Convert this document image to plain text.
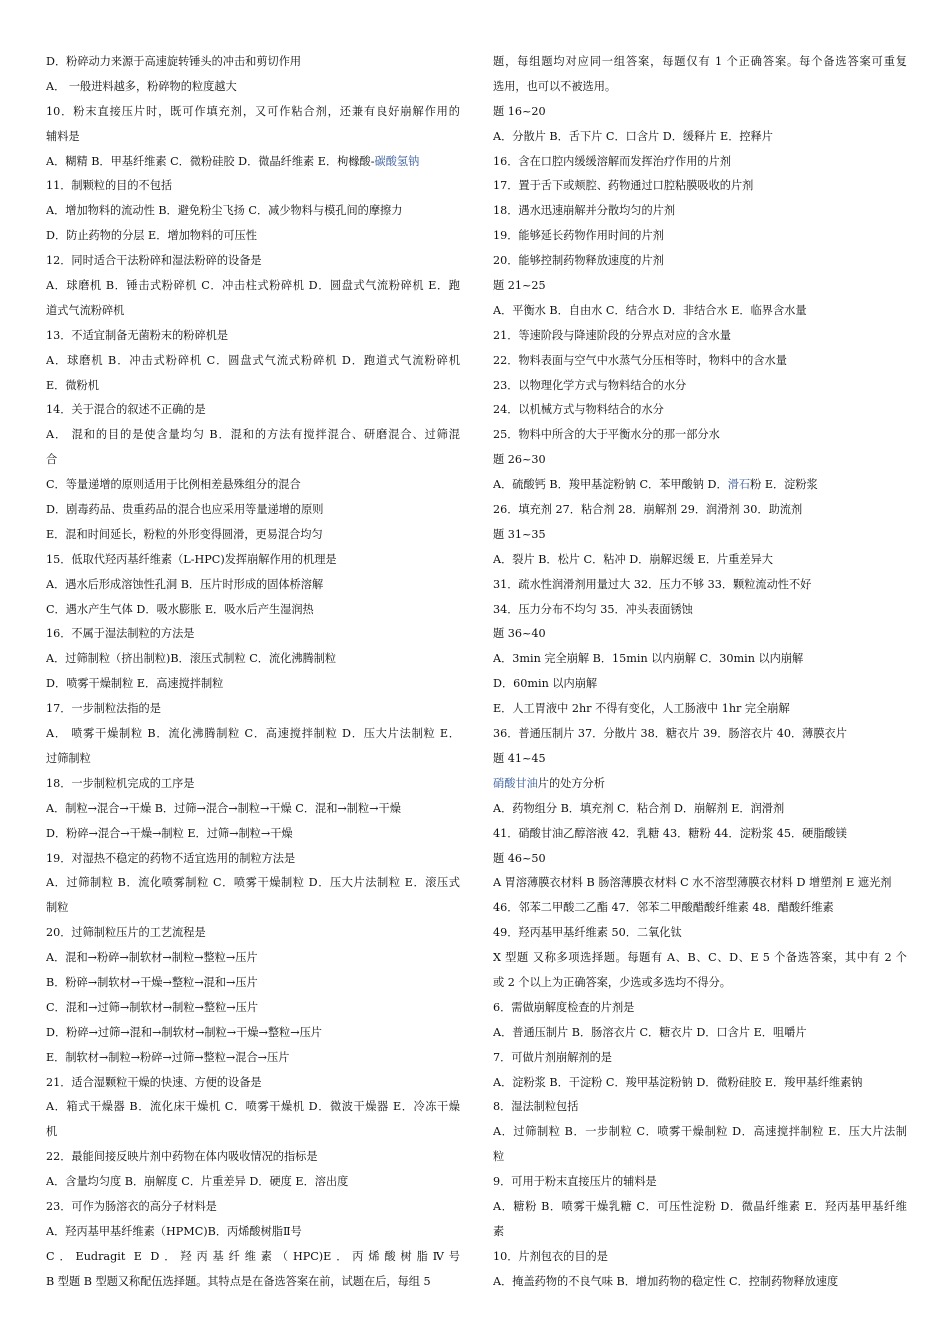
D．粉碎动力来源于高速旋转锤头的冲击和剪切作用
A． 一般进料越多，粉碎物的粒度越大
10．粉末直接压片时，既可作填充剂，又可作粘合剂，还兼有良好崩解作用的
辅料是
A．糊精 B．甲基纤维素 C．微粉硅胶 D．微晶纤维素 E．枸橼酸-碳酸氢钠
11．制颗粒的目的不包括
A．增加物料的流动性 B．避免粉尘飞扬 C．减少物料与模孔间的摩擦力
D．防止药物的分层 E．增加物料的可压性
12．同时适合干法粉碎和湿法粉碎的设备是
A．球磨机 B．锤击式粉碎机 C．冲击柱式粉碎机 D．圆盘式气流粉碎机 E．跑
道式气流粉碎机
13．不适宜制备无菌粉末的粉碎机是
A．球磨机 B．冲击式粉碎机 C．圆盘式气流式粉碎机 D．跑道式气流粉碎机
E．微粉机
14．关于混合的叙述不正确的是
A． 混和的目的是使含量均匀 B．混和的方法有搅拌混合、研磨混合、过筛混
合
C．等量递增的原则适用于比例相差悬殊组分的混合
D．剧毒药品、贵重药品的混合也应采用等量递增的原则
E．混和时间延长，粉粒的外形变得圆滑，更易混合均匀
15．低取代羟丙基纤维素（L-HPC)发挥崩解作用的机理是
A．遇水后形成溶蚀性孔洞 B．压片时形成的固体桥溶解
C．遇水产生气体 D．吸水膨胀 E．吸水后产生湿润热
16．不属于湿法制粒的方法是
A．过筛制粒（挤出制粒)B．滚压式制粒 C．流化沸腾制粒
D．喷雾干燥制粒 E．高速搅拌制粒
17．一步制粒法指的是
A． 喷雾干燥制粒 B．流化沸腾制粒 C．高速搅拌制粒 D．压大片法制粒 E．
过筛制粒
18．一步制粒机完成的工序是
A．制粒→混合→干燥 B．过筛→混合→制粒→干燥 C．混和→制粒→干燥
D．粉碎→混合→干燥→制粒 E．过筛→制粒→干燥
19．对湿热不稳定的药物不适宜选用的制粒方法是
A．过筛制粒 B．流化喷雾制粒 C．喷雾干燥制粒 D．压大片法制粒 E．滚压式
制粒
20．过筛制粒压片的工艺流程是
A．混和→粉碎→制软材→制粒→整粒→压片
B．粉碎→制软材→干燥→整粒→混和→压片
C．混和→过筛→制软材→制粒→整粒→压片
D．粉碎→过筛→混和→制软材→制粒→干燥→整粒→压片
E．制软材→制粒→粉碎→过筛→整粒→混合→压片
21．适合湿颗粒干燥的快速、方便的设备是
A．箱式干燥器 B．流化床干燥机 C．喷雾干燥机 D．微波干燥器 E．冷冻干燥
机
22．最能间接反映片剂中药物在体内吸收情况的指标是
A．含量均匀度 B．崩解度 C．片重差异 D．硬度 E．溶出度
23．可作为肠溶衣的高分子材料是
A．羟丙基甲基纤维素（HPMC)B．丙烯酸树脂Ⅱ号
C．Eudragit E D．羟丙基纤维素（HPC)E．丙烯酸树脂Ⅳ号
B 型题 B 型题又称配伍选择题。其特点是在备选答案在前，试题在后，每组 5
题，每组题均对应同一组答案，每题仅有 1 个正确答案。每个备选答案可重复
选用，也可以不被选用。
题 16~20
A．分散片 B．舌下片 C．口含片 D．缓释片 E．控释片
16．含在口腔内缓缓溶解而发挥治疗作用的片剂
17．置于舌下或颊腔、药物通过口腔粘膜吸收的片剂
18．遇水迅速崩解并分散均匀的片剂
19．能够延长药物作用时间的片剂
20．能够控制药物释放速度的片剂
题 21~25
A．平衡水 B．自由水 C．结合水 D．非结合水 E．临界含水量
21．等速阶段与降速阶段的分界点对应的含水量
22．物料表面与空气中水蒸气分压相等时，物料中的含水量
23．以物理化学方式与物料结合的水分
24．以机械方式与物料结合的水分
25．物料中所含的大于平衡水分的那一部分水
题 26~30
A．硫酸钙 B．羧甲基淀粉钠 C．苯甲酸钠 D．滑石粉 E．淀粉浆
26．填充剂 27．粘合剂 28．崩解剂 29．润滑剂 30．助流剂
题 31~35
A．裂片 B．松片 C．粘冲 D．崩解迟缓 E．片重差异大
31．疏水性润滑剂用量过大 32．压力不够 33．颗粒流动性不好
34．压力分布不均匀 35．冲头表面锈蚀
题 36~40
A．3min 完全崩解 B．15min 以内崩解 C．30min 以内崩解
D．60min 以内崩解
E．人工胃液中 2hr 不得有变化，人工肠液中 1hr 完全崩解
36．普通压制片 37．分散片 38．糖衣片 39．肠溶衣片 40．薄膜衣片
题 41~45
硝酸甘油片的处方分析
A．药物组分 B．填充剂 C．粘合剂 D．崩解剂 E．润滑剂
41．硝酸甘油乙醇溶液 42．乳糖 43．糖粉 44．淀粉浆 45．硬脂酸镁
题 46~50
A 胃溶薄膜衣材料 B 肠溶薄膜衣材料 C 水不溶型薄膜衣材料 D 增塑剂 E 遮光剂
46．邻苯二甲酸二乙酯 47．邻苯二甲酸醋酸纤维素 48．醋酸纤维素
49．羟丙基甲基纤维素 50．二氧化钛
X 型题 又称多项选择题。每题有 A、B、C、D、E 5 个备选答案，其中有 2 个
或 2 个以上为正确答案，少选或多选均不得分。
6．需做崩解度检查的片剂是
A．普通压制片 B．肠溶衣片 C．糖衣片 D．口含片 E．咀嚼片
7．可做片剂崩解剂的是
A．淀粉浆 B．干淀粉 C．羧甲基淀粉钠 D．微粉硅胶 E．羧甲基纤维素钠
8．湿法制粒包括
A．过筛制粒 B．一步制粒 C．喷雾干燥制粒 D．高速搅拌制粒 E．压大片法制
粒
9．可用于粉末直接压片的辅料是
A．糖粉 B．喷雾干燥乳糖 C．可压性淀粉 D．微晶纤维素 E．羟丙基甲基纤维
素
10．片剂包衣的目的是
A．掩盖药物的不良气味 B．增加药物的稳定性 C．控制药物释放速度
